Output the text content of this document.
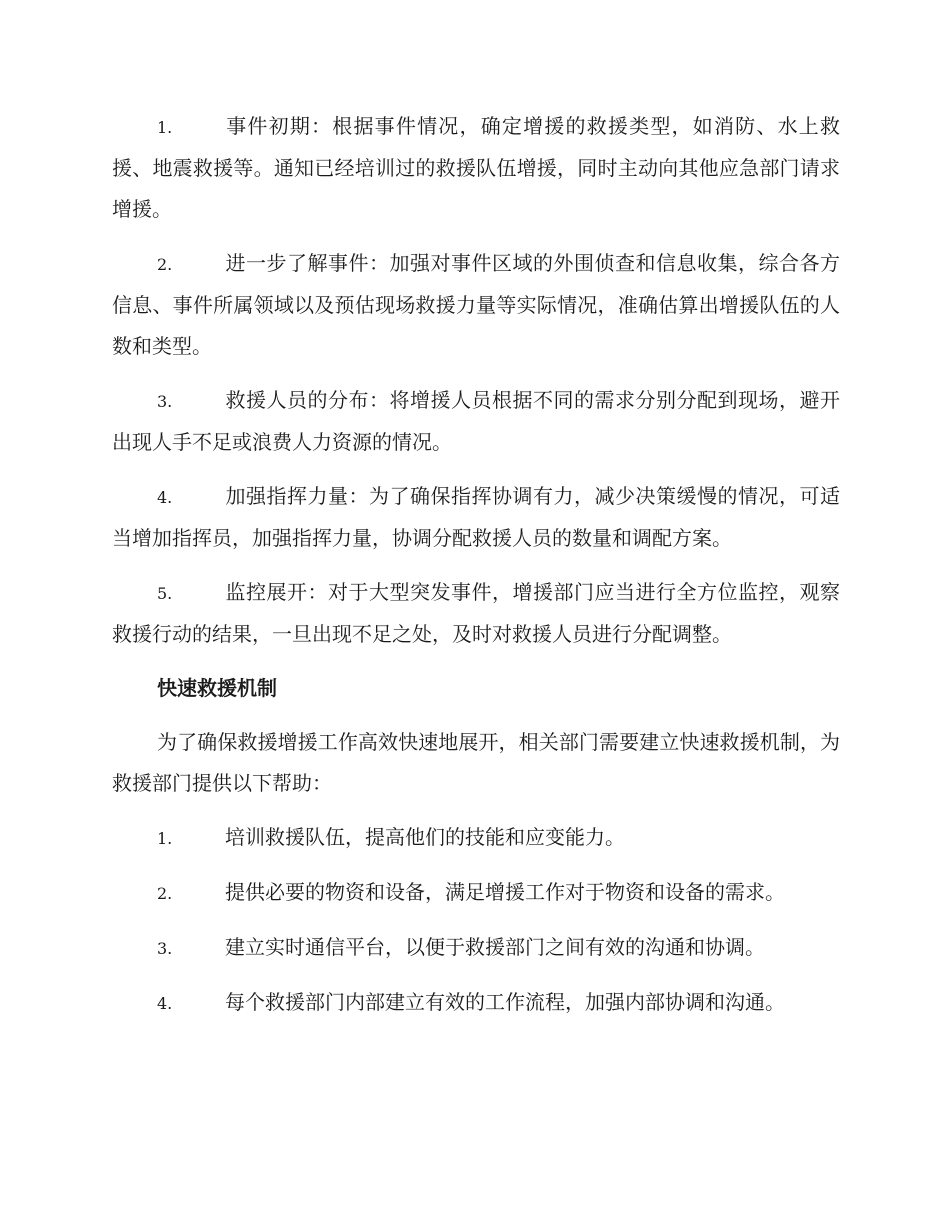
1.	事件初期：根据事件情况，确定增援的救援类型，如消防、水上救援、地震救援等。通知已经培训过的救援队伍增援，同时主动向其他应急部门请求增援。

2.	进一步了解事件：加强对事件区域的外围侦查和信息收集，综合各方信息、事件所属领域以及预估现场救援力量等实际情况，准确估算出增援队伍的人数和类型。

3.	救援人员的分布：将增援人员根据不同的需求分别分配到现场，避开出现人手不足或浪费人力资源的情况。

4.	加强指挥力量：为了确保指挥协调有力，减少决策缓慢的情况，可适当增加指挥员，加强指挥力量，协调分配救援人员的数量和调配方案。

5.	监控展开：对于大型突发事件，增援部门应当进行全方位监控，观察救援行动的结果，一旦出现不足之处，及时对救援人员进行分配调整。

快速救援机制

为了确保救援增援工作高效快速地展开，相关部门需要建立快速救援机制，为救援部门提供以下帮助：

1.	培训救援队伍，提高他们的技能和应变能力。

2.	提供必要的物资和设备，满足增援工作对于物资和设备的需求。

3.	建立实时通信平台，以便于救援部门之间有效的沟通和协调。

4.	每个救援部门内部建立有效的工作流程，加强内部协调和沟通。
